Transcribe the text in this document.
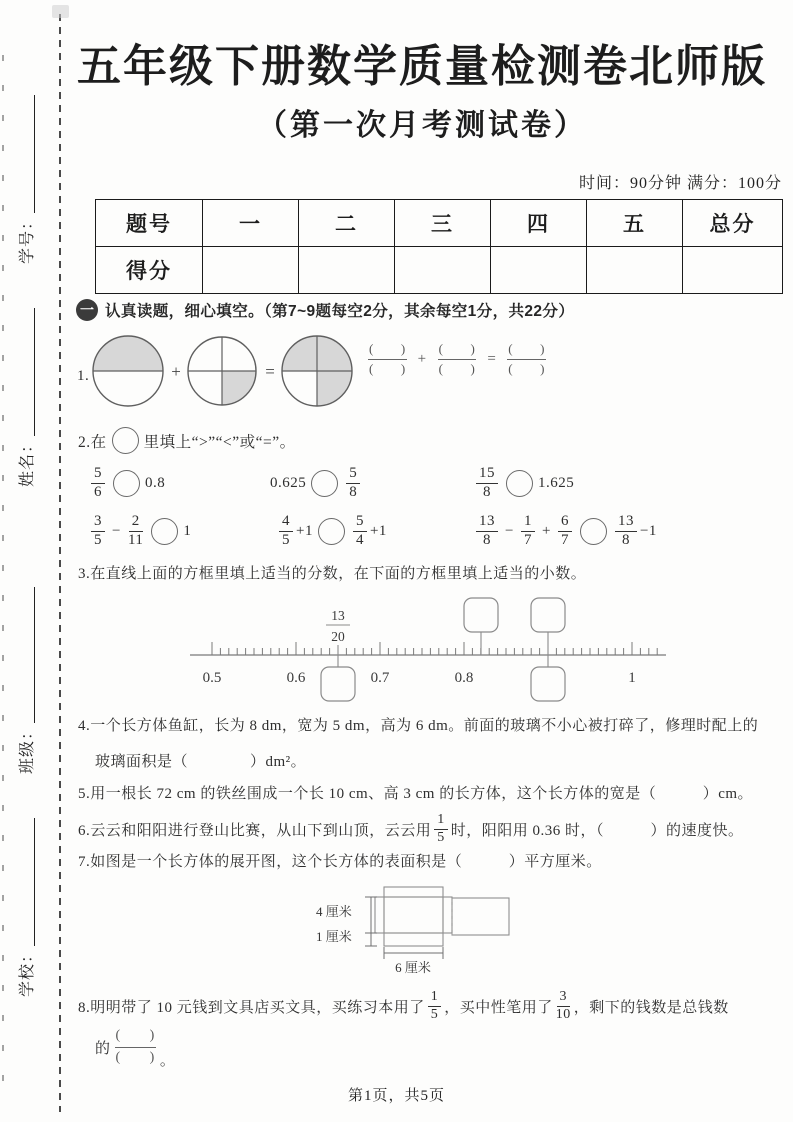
学号：
姓名：
班级：
学校：
五年级下册数学质量检测卷北师版
（第一次月考测试卷）
时间：90分钟 满分：100分
题号	一	二	三	四	五	总分
得分						
一 认真读题，细心填空。（第7~9题每空2分，其余每空1分，共22分）
1.	+	=
(　　)
(　　)
+
(　　)
(　　)
=
(　　)
(　　)
2.在 里填上“>”“<”或“=”。
$\frac{5}{6}$	0.8	0.625	$\frac{5}{8}$	$\frac{15}{8}$	1.625
$\frac{3}{5} - \frac{2}{11}$	1	$\frac{4}{5} +1$	$\frac{5}{4} +1$	$\frac{13}{8} - \frac{1}{7} + \frac{6}{7}$	$\frac{13}{8} -1$
3.在直线上面的方框里填上适当的分数，在下面的方框里填上适当的小数。
0.5	0.6	0.7	0.8	1
13
20
4.一个长方体鱼缸，长为 8 dm，宽为 5 dm，高为 6 dm。前面的玻璃不小心被打碎了，修理时配上的
玻璃面积是（　　　　）dm²。
5.用一根长 72 cm 的铁丝围成一个长 10 cm、高 3 cm 的长方体，这个长方体的宽是（　　　）cm。
6.云云和阳阳进行登山比赛，从山下到山顶，云云用 $\frac{1}{5}$ 时，阳阳用 0.36 时，（　　　）的速度快。
7.如图是一个长方体的展开图，这个长方体的表面积是（　　　）平方厘米。
4 厘米
1 厘米
6 厘米
8.明明带了 10 元钱到文具店买文具，买练习本用了 $\frac{1}{5}$ ，买中性笔用了 $\frac{3}{10}$ ，剩下的钱数是总钱数
的
(　　)
(　　) 。
第1页，共5页
